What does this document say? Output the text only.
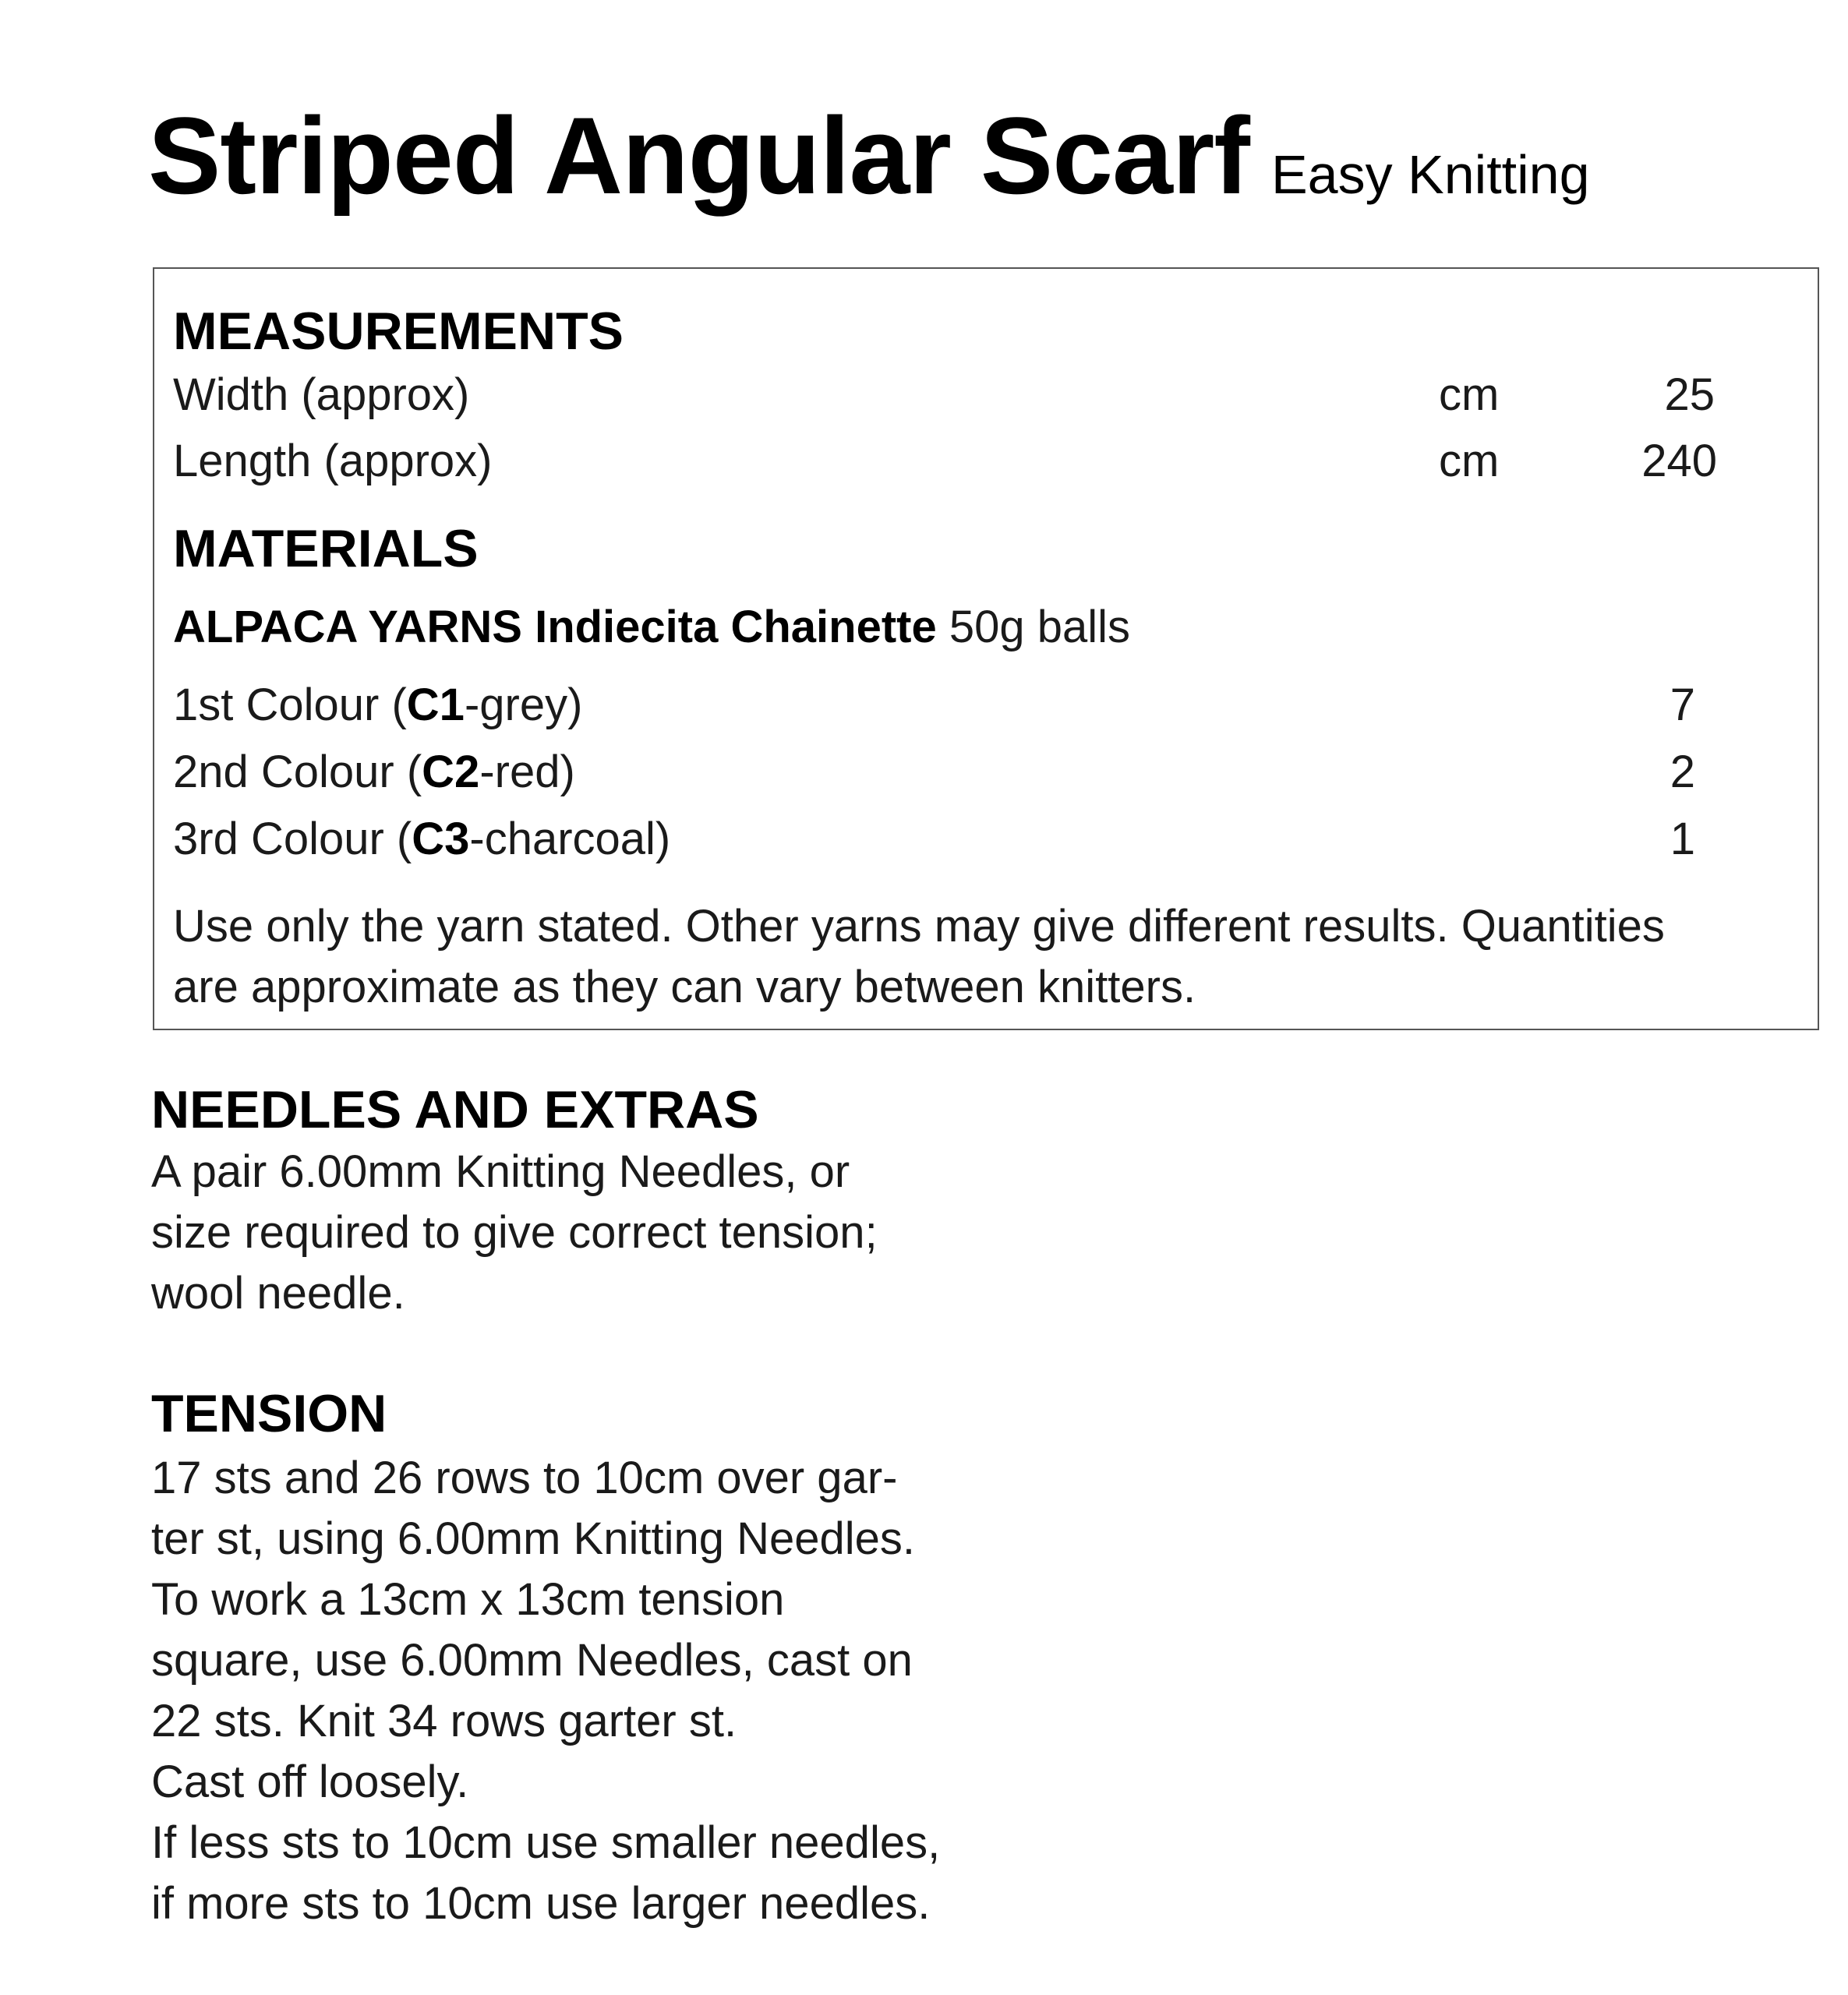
Striped Angular Scarf Easy Knitting
MEASUREMENTS
Width (approx)	cm	25
Length (approx)	cm	240
MATERIALS
ALPACA YARNS Indiecita Chainette 50g balls
1st Colour (C1-grey)	7
2nd Colour (C2-red)	2
3rd Colour (C3-charcoal)	1
Use only the yarn stated. Other yarns may give different results. Quantities
are approximate as they can vary between knitters.
NEEDLES AND EXTRAS
A pair 6.00mm Knitting Needles, or
size required to give correct tension;
wool needle.
TENSION
17 sts and 26 rows to 10cm over gar-
ter st, using 6.00mm Knitting Needles.
To work a 13cm x 13cm tension
square, use 6.00mm Needles, cast on
22 sts. Knit 34 rows garter st.
Cast off loosely.
If less sts to 10cm use smaller needles,
if more sts to 10cm use larger needles.
